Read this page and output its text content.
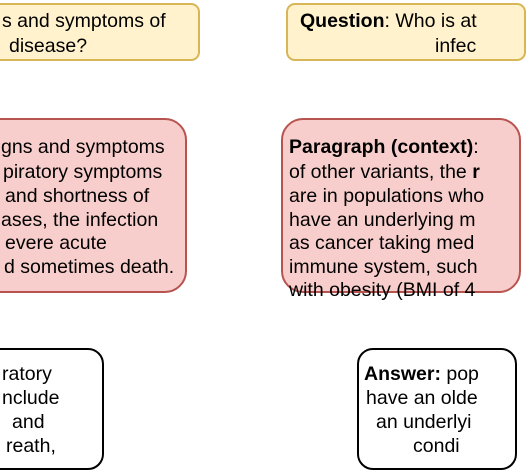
s and symptoms of
disease?
gns and symptoms
piratory symptoms
and shortness of
ases, the infection
evere acute
d sometimes death.
ratory
nclude
and
reath,
Question: Who is at
infec
Paragraph (context):
of other variants, the r
are in populations who
have an underlying m
as cancer taking med
immune system, such
with obesity (BMI of 4
Answer: pop
have an olde
an underlyi
condi
